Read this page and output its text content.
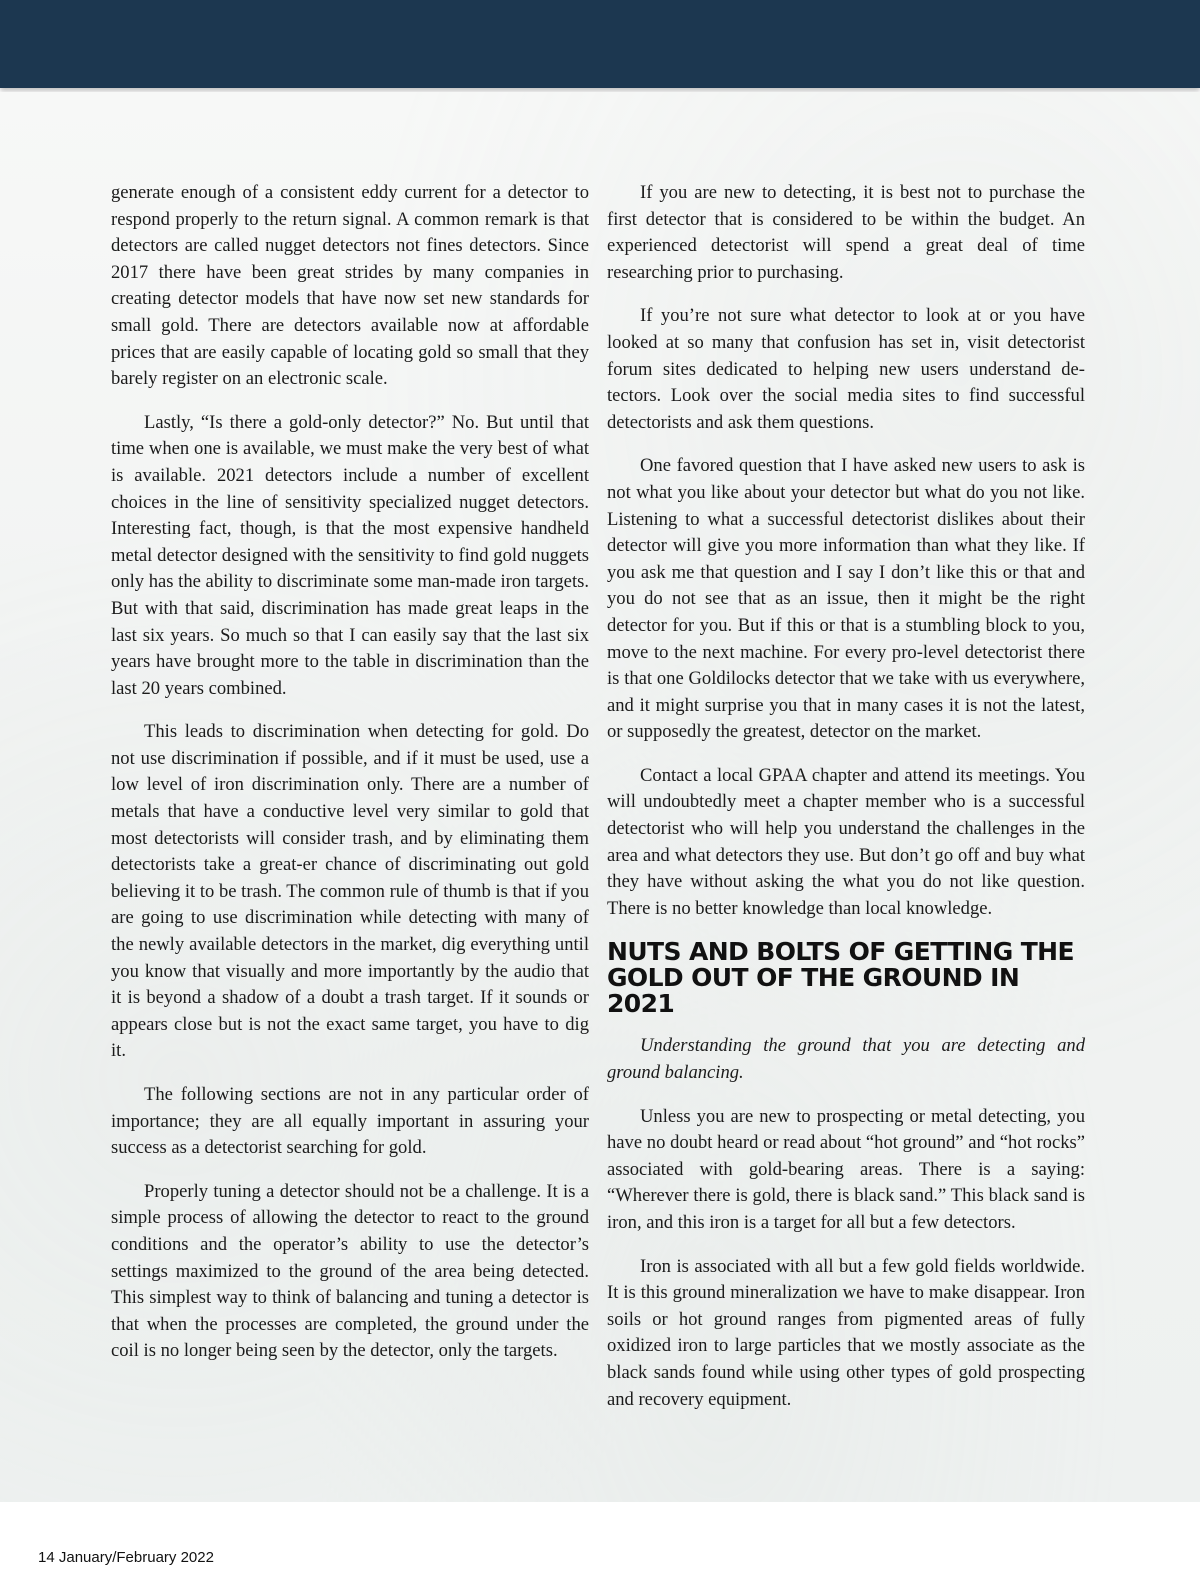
generate enough of a consistent eddy current for a detector to respond properly to the return signal. A common remark is that detectors are called nugget detectors not fines detectors. Since 2017 there have been great strides by many companies in creating detector models that have now set new standards for small gold. There are detectors available now at affordable prices that are easily capable of locating gold so small that they barely register on an electronic scale.

Lastly, “Is there a gold-only detector?” No. But until that time when one is available, we must make the very best of what is available. 2021 detectors include a number of excellent choices in the line of sensitivity specialized nugget detectors. Interesting fact, though, is that the most expensive handheld metal detector designed with the sensitivity to find gold nuggets only has the ability to discriminate some man-made iron targets. But with that said, discrimination has made great leaps in the last six years. So much so that I can easily say that the last six years have brought more to the table in discrimination than the last 20 years combined.

This leads to discrimination when detecting for gold. Do not use discrimination if possible, and if it must be used, use a low level of iron discrimination only. There are a number of metals that have a conductive level very similar to gold that most detectorists will consider trash, and by eliminating them detectorists take a great-er chance of discriminating out gold believing it to be trash. The common rule of thumb is that if you are going to use discrimination while detecting with many of the newly available detectors in the market, dig everything until you know that visually and more importantly by the audio that it is beyond a shadow of a doubt a trash target. If it sounds or appears close but is not the exact same target, you have to dig it.

The following sections are not in any particular order of importance; they are all equally important in assuring your success as a detectorist searching for gold.

Properly tuning a detector should not be a challenge. It is a simple process of allowing the detector to react to the ground conditions and the operator’s ability to use the detector’s settings maximized to the ground of the area being detected. This simplest way to think of balancing and tuning a detector is that when the processes are completed, the ground under the coil is no longer being seen by the detector, only the targets.

If you are new to detecting, it is best not to purchase the first detector that is considered to be within the budget. An experienced detectorist will spend a great deal of time researching prior to purchasing.

If you’re not sure what detector to look at or you have looked at so many that confusion has set in, visit detectorist forum sites dedicated to helping new users understand detectors. Look over the social media sites to find successful detectorists and ask them questions.

One favored question that I have asked new users to ask is not what you like about your detector but what do you not like. Listening to what a successful detectorist dislikes about their detector will give you more information than what they like. If you ask me that question and I say I don’t like this or that and you do not see that as an issue, then it might be the right detector for you. But if this or that is a stumbling block to you, move to the next machine. For every pro-level detectorist there is that one Goldilocks detector that we take with us everywhere, and it might surprise you that in many cases it is not the latest, or supposedly the greatest, detector on the market.

Contact a local GPAA chapter and attend its meetings. You will undoubtedly meet a chapter member who is a successful detectorist who will help you understand the challenges in the area and what detectors they use. But don’t go off and buy what they have without asking the what you do not like question. There is no better knowledge than local knowledge.

NUTS AND BOLTS OF GETTING THE GOLD OUT OF THE GROUND IN 2021

Understanding the ground that you are detecting and ground balancing.

Unless you are new to prospecting or metal detecting, you have no doubt heard or read about “hot ground” and “hot rocks” associated with gold-bearing areas. There is a saying: “Wherever there is gold, there is black sand.” This black sand is iron, and this iron is a target for all but a few detectors.

Iron is associated with all but a few gold fields worldwide. It is this ground mineralization we have to make disappear. Iron soils or hot ground ranges from pigmented areas of fully oxidized iron to large particles that we mostly associate as the black sands found while using other types of gold prospecting and recovery equipment.

14 January/February 2022
